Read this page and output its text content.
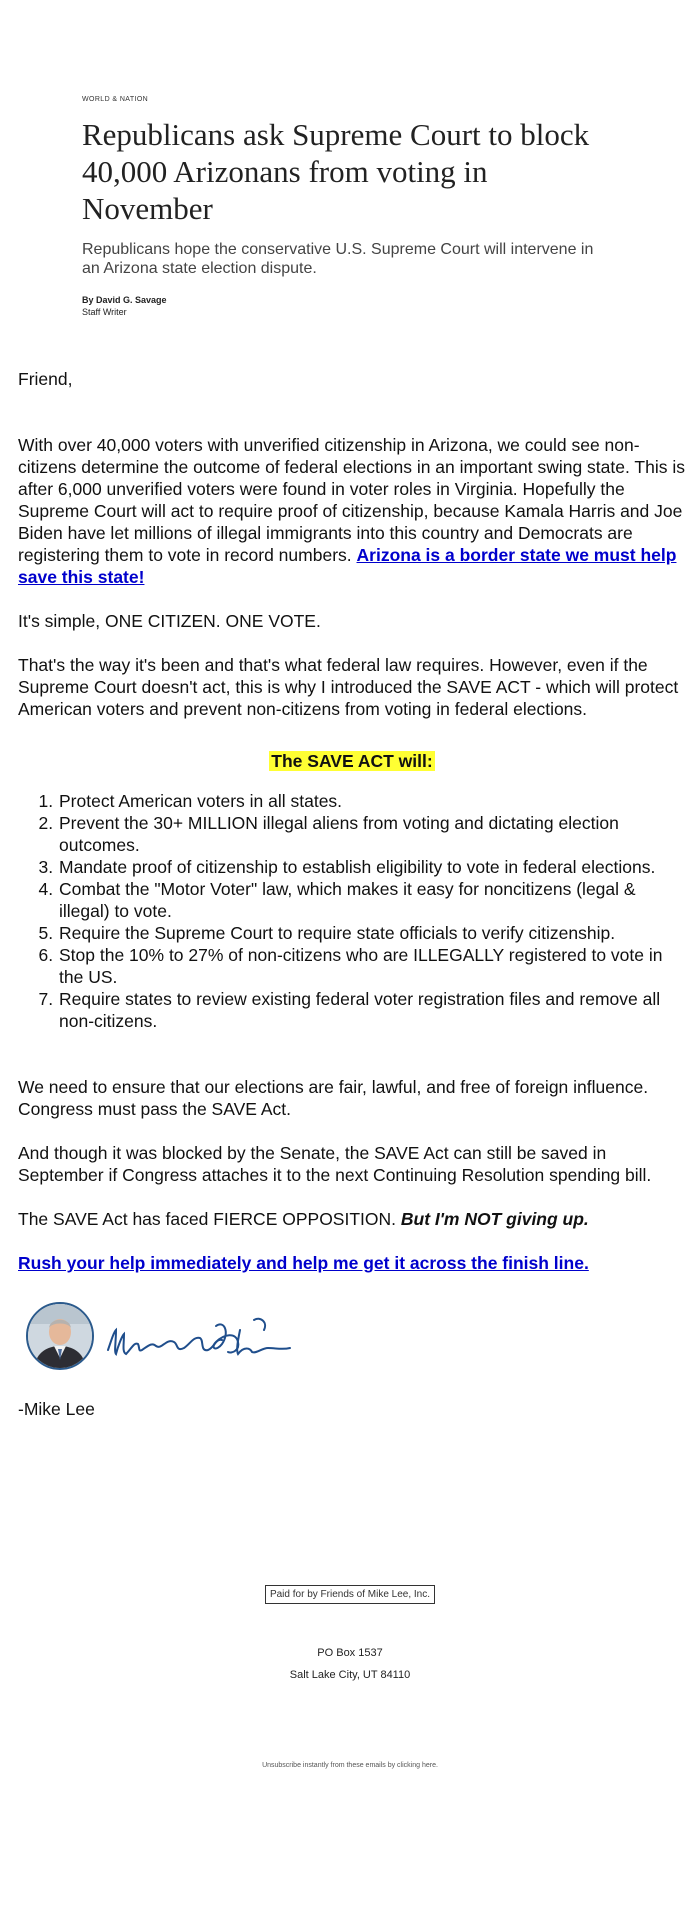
WORLD & NATION
Republicans ask Supreme Court to block 40,000 Arizonans from voting in November
Republicans hope the conservative U.S. Supreme Court will intervene in an Arizona state election dispute.
By David G. Savage
Staff Writer

Friend,

With over 40,000 voters with unverified citizenship in Arizona, we could see non-citizens determine the outcome of federal elections in an important swing state. This is after 6,000 unverified voters were found in voter roles in Virginia. Hopefully the Supreme Court will act to require proof of citizenship, because Kamala Harris and Joe Biden have let millions of illegal immigrants into this country and Democrats are registering them to vote in record numbers. Arizona is a border state we must help save this state!

It's simple, ONE CITIZEN. ONE VOTE.

That's the way it's been and that's what federal law requires. However, even if the Supreme Court doesn't act, this is why I introduced the SAVE ACT - which will protect American voters and prevent non-citizens from voting in federal elections.

The SAVE ACT will:
1. Protect American voters in all states.
2. Prevent the 30+ MILLION illegal aliens from voting and dictating election outcomes.
3. Mandate proof of citizenship to establish eligibility to vote in federal elections.
4. Combat the "Motor Voter" law, which makes it easy for noncitizens (legal & illegal) to vote.
5. Require the Supreme Court to require state officials to verify citizenship.
6. Stop the 10% to 27% of non-citizens who are ILLEGALLY registered to vote in the US.
7. Require states to review existing federal voter registration files and remove all non-citizens.

We need to ensure that our elections are fair, lawful, and free of foreign influence. Congress must pass the SAVE Act.

And though it was blocked by the Senate, the SAVE Act can still be saved in September if Congress attaches it to the next Continuing Resolution spending bill.

The SAVE Act has faced FIERCE OPPOSITION. But I'm NOT giving up.

Rush your help immediately and help me get it across the finish line.

-Mike Lee

Paid for by Friends of Mike Lee, Inc.
PO Box 1537
Salt Lake City, UT 84110
Unsubscribe instantly from these emails by clicking here.
